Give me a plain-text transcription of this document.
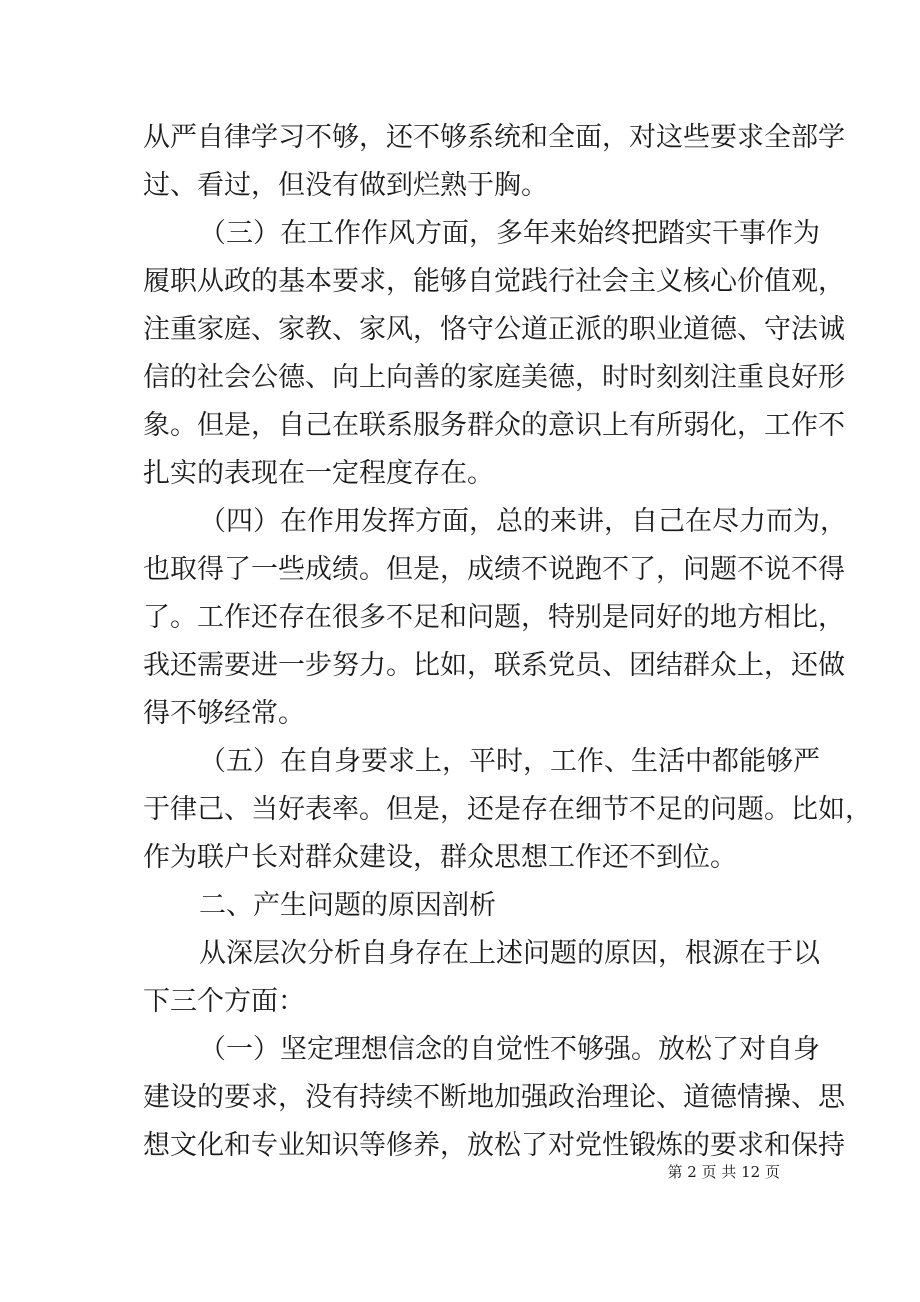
从严自律学习不够，还不够系统和全面，对这些要求全部学
过、看过，但没有做到烂熟于胸。
（三）在工作作风方面，多年来始终把踏实干事作为
履职从政的基本要求，能够自觉践行社会主义核心价值观，
注重家庭、家教、家风，恪守公道正派的职业道德、守法诚
信的社会公德、向上向善的家庭美德，时时刻刻注重良好形
象。但是，自己在联系服务群众的意识上有所弱化，工作不
扎实的表现在一定程度存在。
（四）在作用发挥方面，总的来讲，自己在尽力而为，
也取得了一些成绩。但是，成绩不说跑不了，问题不说不得
了。工作还存在很多不足和问题，特别是同好的地方相比，
我还需要进一步努力。比如，联系党员、团结群众上，还做
得不够经常。
（五）在自身要求上，平时，工作、生活中都能够严
于律己、当好表率。但是，还是存在细节不足的问题。比如，
作为联户长对群众建设，群众思想工作还不到位。
二、产生问题的原因剖析
从深层次分析自身存在上述问题的原因，根源在于以
下三个方面：
（一）坚定理想信念的自觉性不够强。放松了对自身
建设的要求，没有持续不断地加强政治理论、道德情操、思
想文化和专业知识等修养，放松了对党性锻炼的要求和保持
第 2 页 共 12 页
